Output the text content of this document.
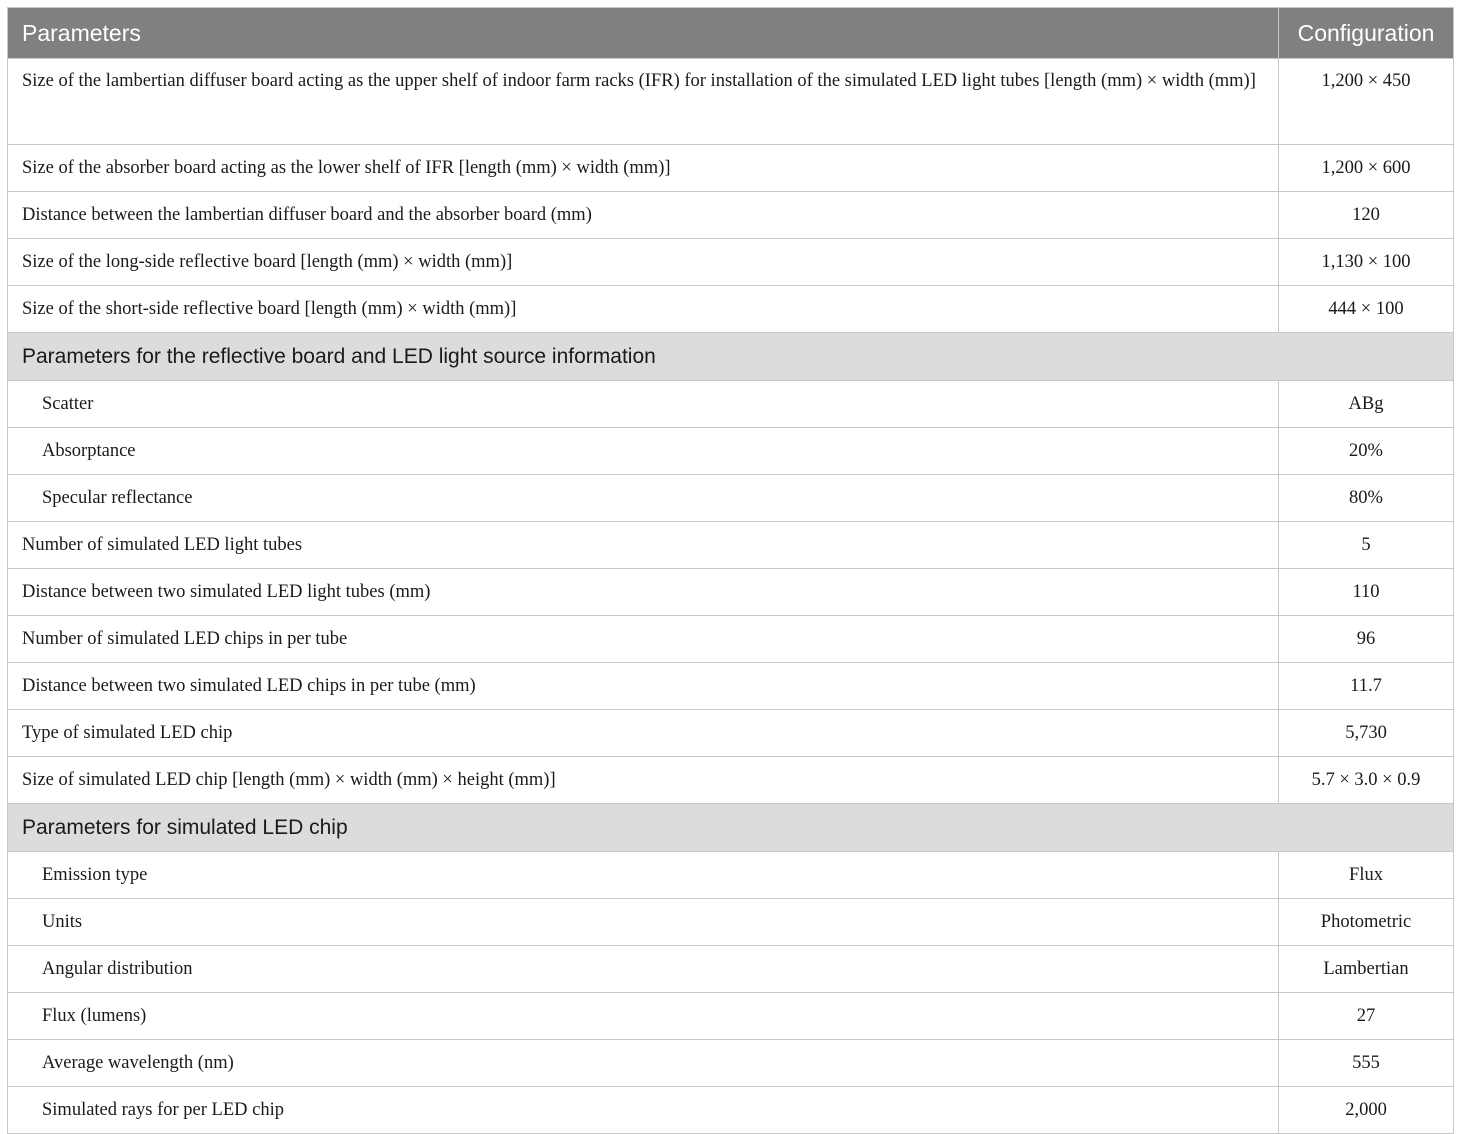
Parameters	Configuration
Size of the lambertian diffuser board acting as the upper shelf of indoor farm racks (IFR) for installation of the simulated LED light tubes [length (mm) × width (mm)]	1,200 × 450
Size of the absorber board acting as the lower shelf of IFR [length (mm) × width (mm)]	1,200 × 600
Distance between the lambertian diffuser board and the absorber board (mm)	120
Size of the long-side reflective board [length (mm) × width (mm)]	1,130 × 100
Size of the short-side reflective board [length (mm) × width (mm)]	444 × 100
Parameters for the reflective board and LED light source information	
Scatter	ABg
Absorptance	20%
Specular reflectance	80%
Number of simulated LED light tubes	5
Distance between two simulated LED light tubes (mm)	110
Number of simulated LED chips in per tube	96
Distance between two simulated LED chips in per tube (mm)	11.7
Type of simulated LED chip	5,730
Size of simulated LED chip [length (mm) × width (mm) × height (mm)]	5.7 × 3.0 × 0.9
Parameters for simulated LED chip	
Emission type	Flux
Units	Photometric
Angular distribution	Lambertian
Flux (lumens)	27
Average wavelength (nm)	555
Simulated rays for per LED chip	2,000
